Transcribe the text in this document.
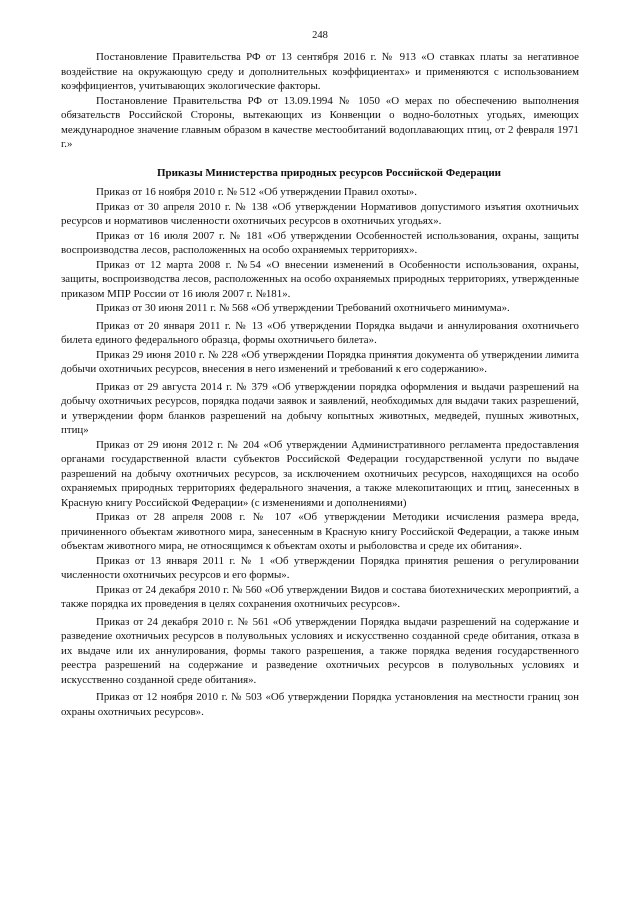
248

Постановление Правительства РФ от 13 сентября 2016 г. № 913 «О ставках платы за негативное воздействие на окружающую среду и дополнительных коэффициентах» и применяются с использованием коэффициентов, учитывающих экологические факторы.

Постановление Правительства РФ от 13.09.1994 № 1050 «О мерах по обеспечению выполнения обязательств Российской Стороны, вытекающих из Конвенции о водно-болотных угодьях, имеющих международное значение главным образом в качестве местообитаний водоплавающих птиц, от 2 февраля 1971 г.»

Приказы Министерства природных ресурсов Российской Федерации

Приказ от 16 ноября 2010 г. № 512 «Об утверждении Правил охоты».

Приказ от 30 апреля 2010 г. № 138 «Об утверждении Нормативов допустимого изъятия охотничьих ресурсов и нормативов численности охотничьих ресурсов в охотничьих угодьях».

Приказ от 16 июля 2007 г. № 181 «Об утверждении Особенностей использования, охраны, защиты воспроизводства лесов, расположенных на особо охраняемых территориях».

Приказ от 12 марта 2008 г. №54 «О внесении изменений в Особенности использования, охраны, защиты, воспроизводства лесов, расположенных на особо охраняемых природных территориях, утвержденные приказом МПР России от 16 июля 2007 г. №181».

Приказ от 30 июня 2011 г. № 568 «Об утверждении Требований охотничьего минимума».

Приказ от 20 января 2011 г. № 13 «Об утверждении Порядка выдачи и аннулирования охотничьего билета единого федерального образца, формы охотничьего билета».

Приказ 29 июня 2010 г. № 228 «Об утверждении Порядка принятия документа об утверждении лимита добычи охотничьих ресурсов, внесения в него изменений и требований к его содержанию».

Приказ от 29 августа 2014 г. № 379 «Об утверждении порядка оформления и выдачи разрешений на добычу охотничьих ресурсов, порядка подачи заявок и заявлений, необходимых для выдачи таких разрешений, и утверждении форм бланков разрешений на добычу копытных животных, медведей, пушных животных, птиц»

Приказ от 29 июня 2012 г. № 204 «Об утверждении Административного регламента предоставления органами государственной власти субъектов Российской Федерации государственной услуги по выдаче разрешений на добычу охотничьих ресурсов, за исключением охотничьих ресурсов, находящихся на особо охраняемых природных территориях федерального значения, а также млекопитающих и птиц, занесенных в Красную книгу Российской Федерации» (с изменениями и дополнениями)

Приказ от 28 апреля 2008 г. № 107 «Об утверждении Методики исчисления размера вреда, причиненного объектам животного мира, занесенным в Красную книгу Российской Федерации, а также иным объектам животного мира, не относящимся к объектам охоты и рыболовства и среде их обитания».

Приказ от 13 января 2011 г. № 1 «Об утверждении Порядка принятия решения о регулировании численности охотничьих ресурсов и его формы».

Приказ от 24 декабря 2010 г. № 560 «Об утверждении Видов и состава биотехнических мероприятий, а также порядка их проведения в целях сохранения охотничьих ресурсов».

Приказ от 24 декабря 2010 г. № 561 «Об утверждении Порядка выдачи разрешений на содержание и разведение охотничьих ресурсов в полувольных условиях и искусственно созданной среде обитания, отказа в их выдаче или их аннулирования, формы такого разрешения, а также порядка ведения государственного реестра разрешений на содержание и разведение охотничьих ресурсов в полувольных условиях и искусственно созданной среде обитания».

Приказ от 12 ноября 2010 г. № 503 «Об утверждении Порядка установления на местности границ зон охраны охотничьих ресурсов».
